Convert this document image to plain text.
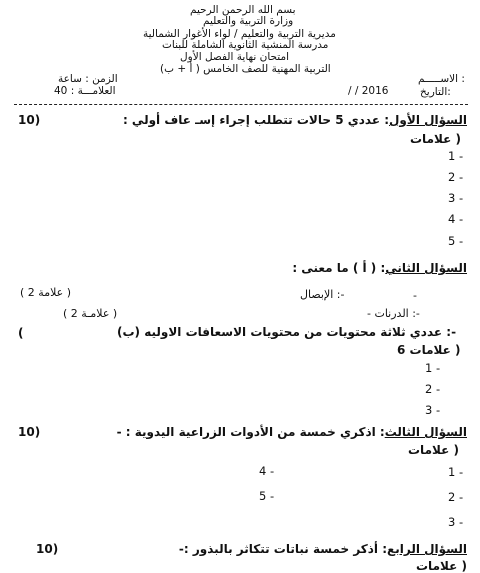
بسم الله الرحمن الرحيم
وزارة التربية والتعليم
مديرية التربية والتعليم / لواء الأغوار الشمالية
مدرسة المنشية الثانوية الشاملة للبنات
امتحان نهاية الفصل الأول
التربية المهنية للصف الخامس ( أ + ب)
الاســـــم :
التاريخ:
/ / 2016
الزمن : ساعة
العلامـــة : 40
10)	السؤال الأول: عددي 5 حالات تتطلب إجراء إسـ عاف أولي :
علامات )
1 -
2 -
3 -
4 -
5 -
السؤال الثاني: ( أ ) ما معنى :
-
الإبصال :-
( 2 علامة )
- الدرنات :-
( 2 علامـة )
(ب) عددي ثلاثة محتويات من محتويات الاسعافات الاوليه :-
(
6 علامات )
1 -
2 -
3 -
10)	السؤال الثالث: اذكري خمسة من الأدوات الزراعية اليدوية : -
علامات )
1 -
2 -
3 -
4 -
5 -
10)	السؤال الرابع: أذكر خمسة نباتات تتكاثر بالبذور :-
علامات )
